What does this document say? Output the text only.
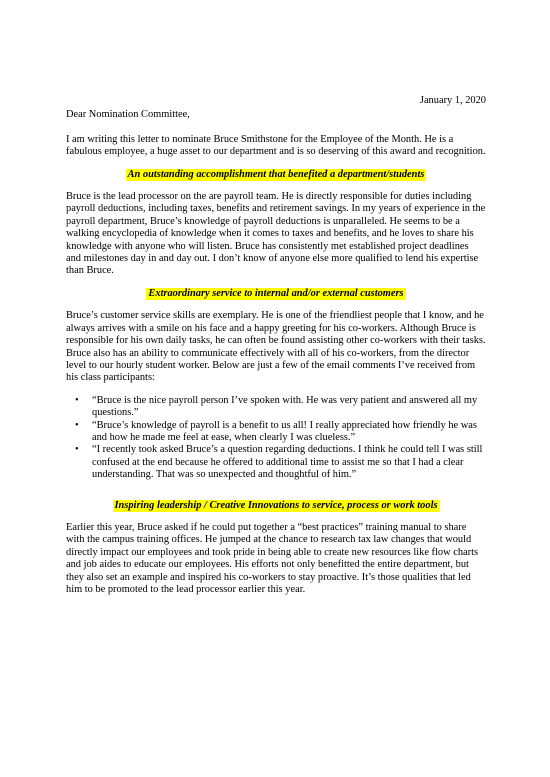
January 1, 2020

Dear Nomination Committee,

I am writing this letter to nominate Bruce Smithstone for the Employee of the Month. He is a fabulous employee, a huge asset to our department and is so deserving of this award and recognition.

An outstanding accomplishment that benefited a department/students

Bruce is the lead processor on the are payroll team. He is directly responsible for duties including payroll deductions, including taxes, benefits and retirement savings. In my years of experience in the payroll department, Bruce’s knowledge of payroll deductions is unparalleled. He seems to be a walking encyclopedia of knowledge when it comes to taxes and benefits, and he loves to share his knowledge with anyone who will listen. Bruce has consistently met established project deadlines and milestones day in and day out. I don’t know of anyone else more qualified to lend his expertise than Bruce.

Extraordinary service to internal and/or external customers

Bruce’s customer service skills are exemplary. He is one of the friendliest people that I know, and he always arrives with a smile on his face and a happy greeting for his co-workers. Although Bruce is responsible for his own daily tasks, he can often be found assisting other co-workers with their tasks. Bruce also has an ability to communicate effectively with all of his co-workers, from the director level to our hourly student worker. Below are just a few of the email comments I’ve received from his class participants:

• “Bruce is the nice payroll person I’ve spoken with. He was very patient and answered all my questions.”
• “Bruce’s knowledge of payroll is a benefit to us all! I really appreciated how friendly he was and how he made me feel at ease, when clearly I was clueless.”
• “I recently took asked Bruce’s a question regarding deductions. I think he could tell I was still confused at the end because he offered to additional time to assist me so that I had a clear understanding. That was so unexpected and thoughtful of him.”
Inspiring leadership / Creative Innovations to service, process or work tools

Earlier this year, Bruce asked if he could put together a “best practices” training manual to share with the campus training offices. He jumped at the chance to research tax law changes that would directly impact our employees and took pride in being able to create new resources like flow charts and job aides to educate our employees. His efforts not only benefitted the entire department, but they also set an example and inspired his co-workers to stay proactive. It’s those qualities that led him to be promoted to the lead processor earlier this year.
